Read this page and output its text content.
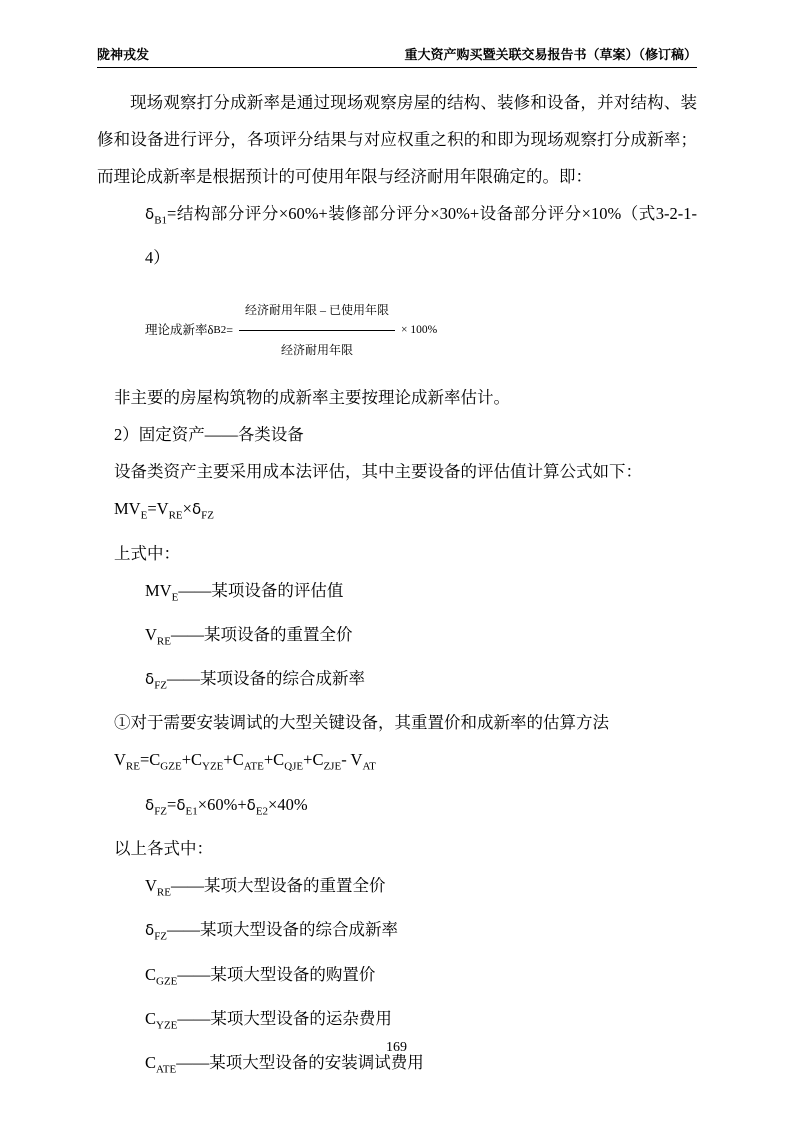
陇神戎发	重大资产购买暨关联交易报告书（草案）（修订稿）

现场观察打分成新率是通过现场观察房屋的结构、装修和设备，并对结构、装修和设备进行评分，各项评分结果与对应权重之积的和即为现场观察打分成新率；而理论成新率是根据预计的可使用年限与经济耐用年限确定的。即：

$\delta_{B1}=$结构部分评分×60%+装修部分评分×30%+设备部分评分×10%（式3-2-1-4）

理论成新率δ $B2 = \frac{\text{经济耐用年限 – 已使用年限}}{\text{经济耐用年限}} \times 100\%$

非主要的房屋构筑物的成新率主要按理论成新率估计。

2）固定资产——各类设备

设备类资产主要采用成本法评估，其中主要设备的评估值计算公式如下：

$MV_E=V_{RE}\times\delta_{FZ}$

上式中：

$MV_E——$某项设备的评估值

$V_{RE}——$某项设备的重置全价

$\delta_{FZ}——$某项设备的综合成新率

①对于需要安装调试的大型关键设备，其重置价和成新率的估算方法

$V_{RE}=C_{GZE}+C_{YZE}+C_{ATE}+C_{QJE}+C_{ZJE}-$ $V_{AT}$

$\delta_{FZ}=\delta_{E1}\times 60\%+\delta_{E2}\times 40\%$

以上各式中：

$V_{RE}——$某项大型设备的重置全价

$\delta_{FZ}——$某项大型设备的综合成新率

$C_{GZE}——$某项大型设备的购置价

$C_{YZE}——$某项大型设备的运杂费用

$C_{ATE}——$某项大型设备的安装调试费用

169
